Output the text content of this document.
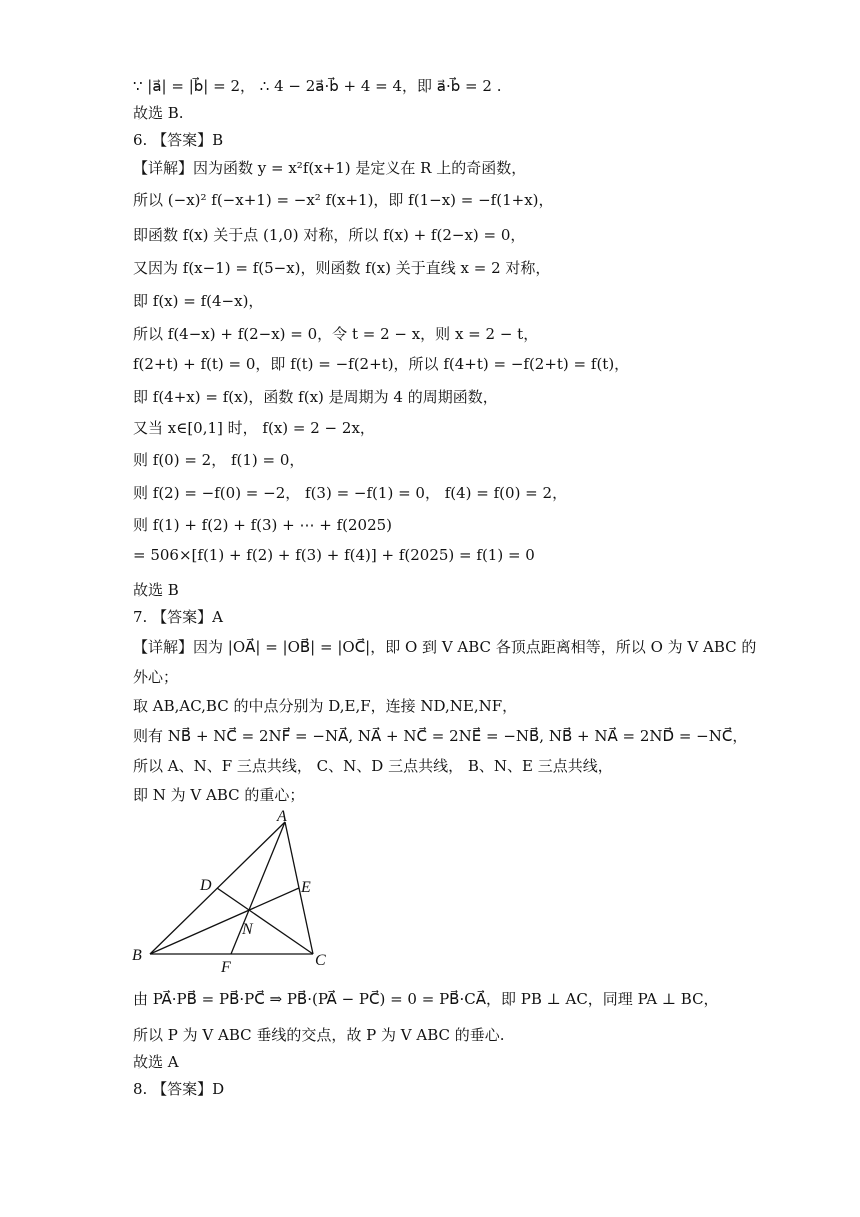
∵ |a⃗| = |b⃗| = 2， ∴ 4 − 2a⃗·b⃗ + 4 = 4，即 a⃗·b⃗ = 2 .
故选 B.
6. 【答案】B
【详解】因为函数 y = x²f(x+1) 是定义在 R 上的奇函数，
所以 (−x)² f(−x+1) = −x² f(x+1)，即 f(1−x) = −f(1+x)，
即函数 f(x) 关于点 (1,0) 对称，所以 f(x) + f(2−x) = 0，
又因为 f(x−1) = f(5−x)，则函数 f(x) 关于直线 x = 2 对称，
即 f(x) = f(4−x)，
所以 f(4−x) + f(2−x) = 0，令 t = 2 − x，则 x = 2 − t，
f(2+t) + f(t) = 0，即 f(t) = −f(2+t)，所以 f(4+t) = −f(2+t) = f(t)，
即 f(4+x) = f(x)，函数 f(x) 是周期为 4 的周期函数，
又当 x∈[0,1] 时， f(x) = 2 − 2x，
则 f(0) = 2， f(1) = 0，
则 f(2) = −f(0) = −2， f(3) = −f(1) = 0， f(4) = f(0) = 2，
则 f(1) + f(2) + f(3) + ⋯ + f(2025)
= 506×[f(1) + f(2) + f(3) + f(4)] + f(2025) = f(1) = 0
故选 B
7. 【答案】A
【详解】因为 |OA⃗| = |OB⃗| = |OC⃗|，即 O 到 V ABC 各顶点距离相等，所以 O 为 V ABC 的
外心；
取 AB,AC,BC 的中点分别为 D,E,F，连接 ND,NE,NF，
则有 NB⃗ + NC⃗ = 2NF⃗ = −NA⃗, NA⃗ + NC⃗ = 2NE⃗ = −NB⃗, NB⃗ + NA⃗ = 2ND⃗ = −NC⃗，
所以 A、N、F 三点共线， C、N、D 三点共线， B、N、E 三点共线，
即 N 为 V ABC 的重心；
A
B	C
D	E
F
N
由 PA⃗·PB⃗ = PB⃗·PC⃗ ⇒ PB⃗·(PA⃗ − PC⃗) = 0 = PB⃗·CA⃗，即 PB ⊥ AC，同理 PA ⊥ BC，
所以 P 为 V ABC 垂线的交点，故 P 为 V ABC 的垂心.
故选 A
8. 【答案】D
